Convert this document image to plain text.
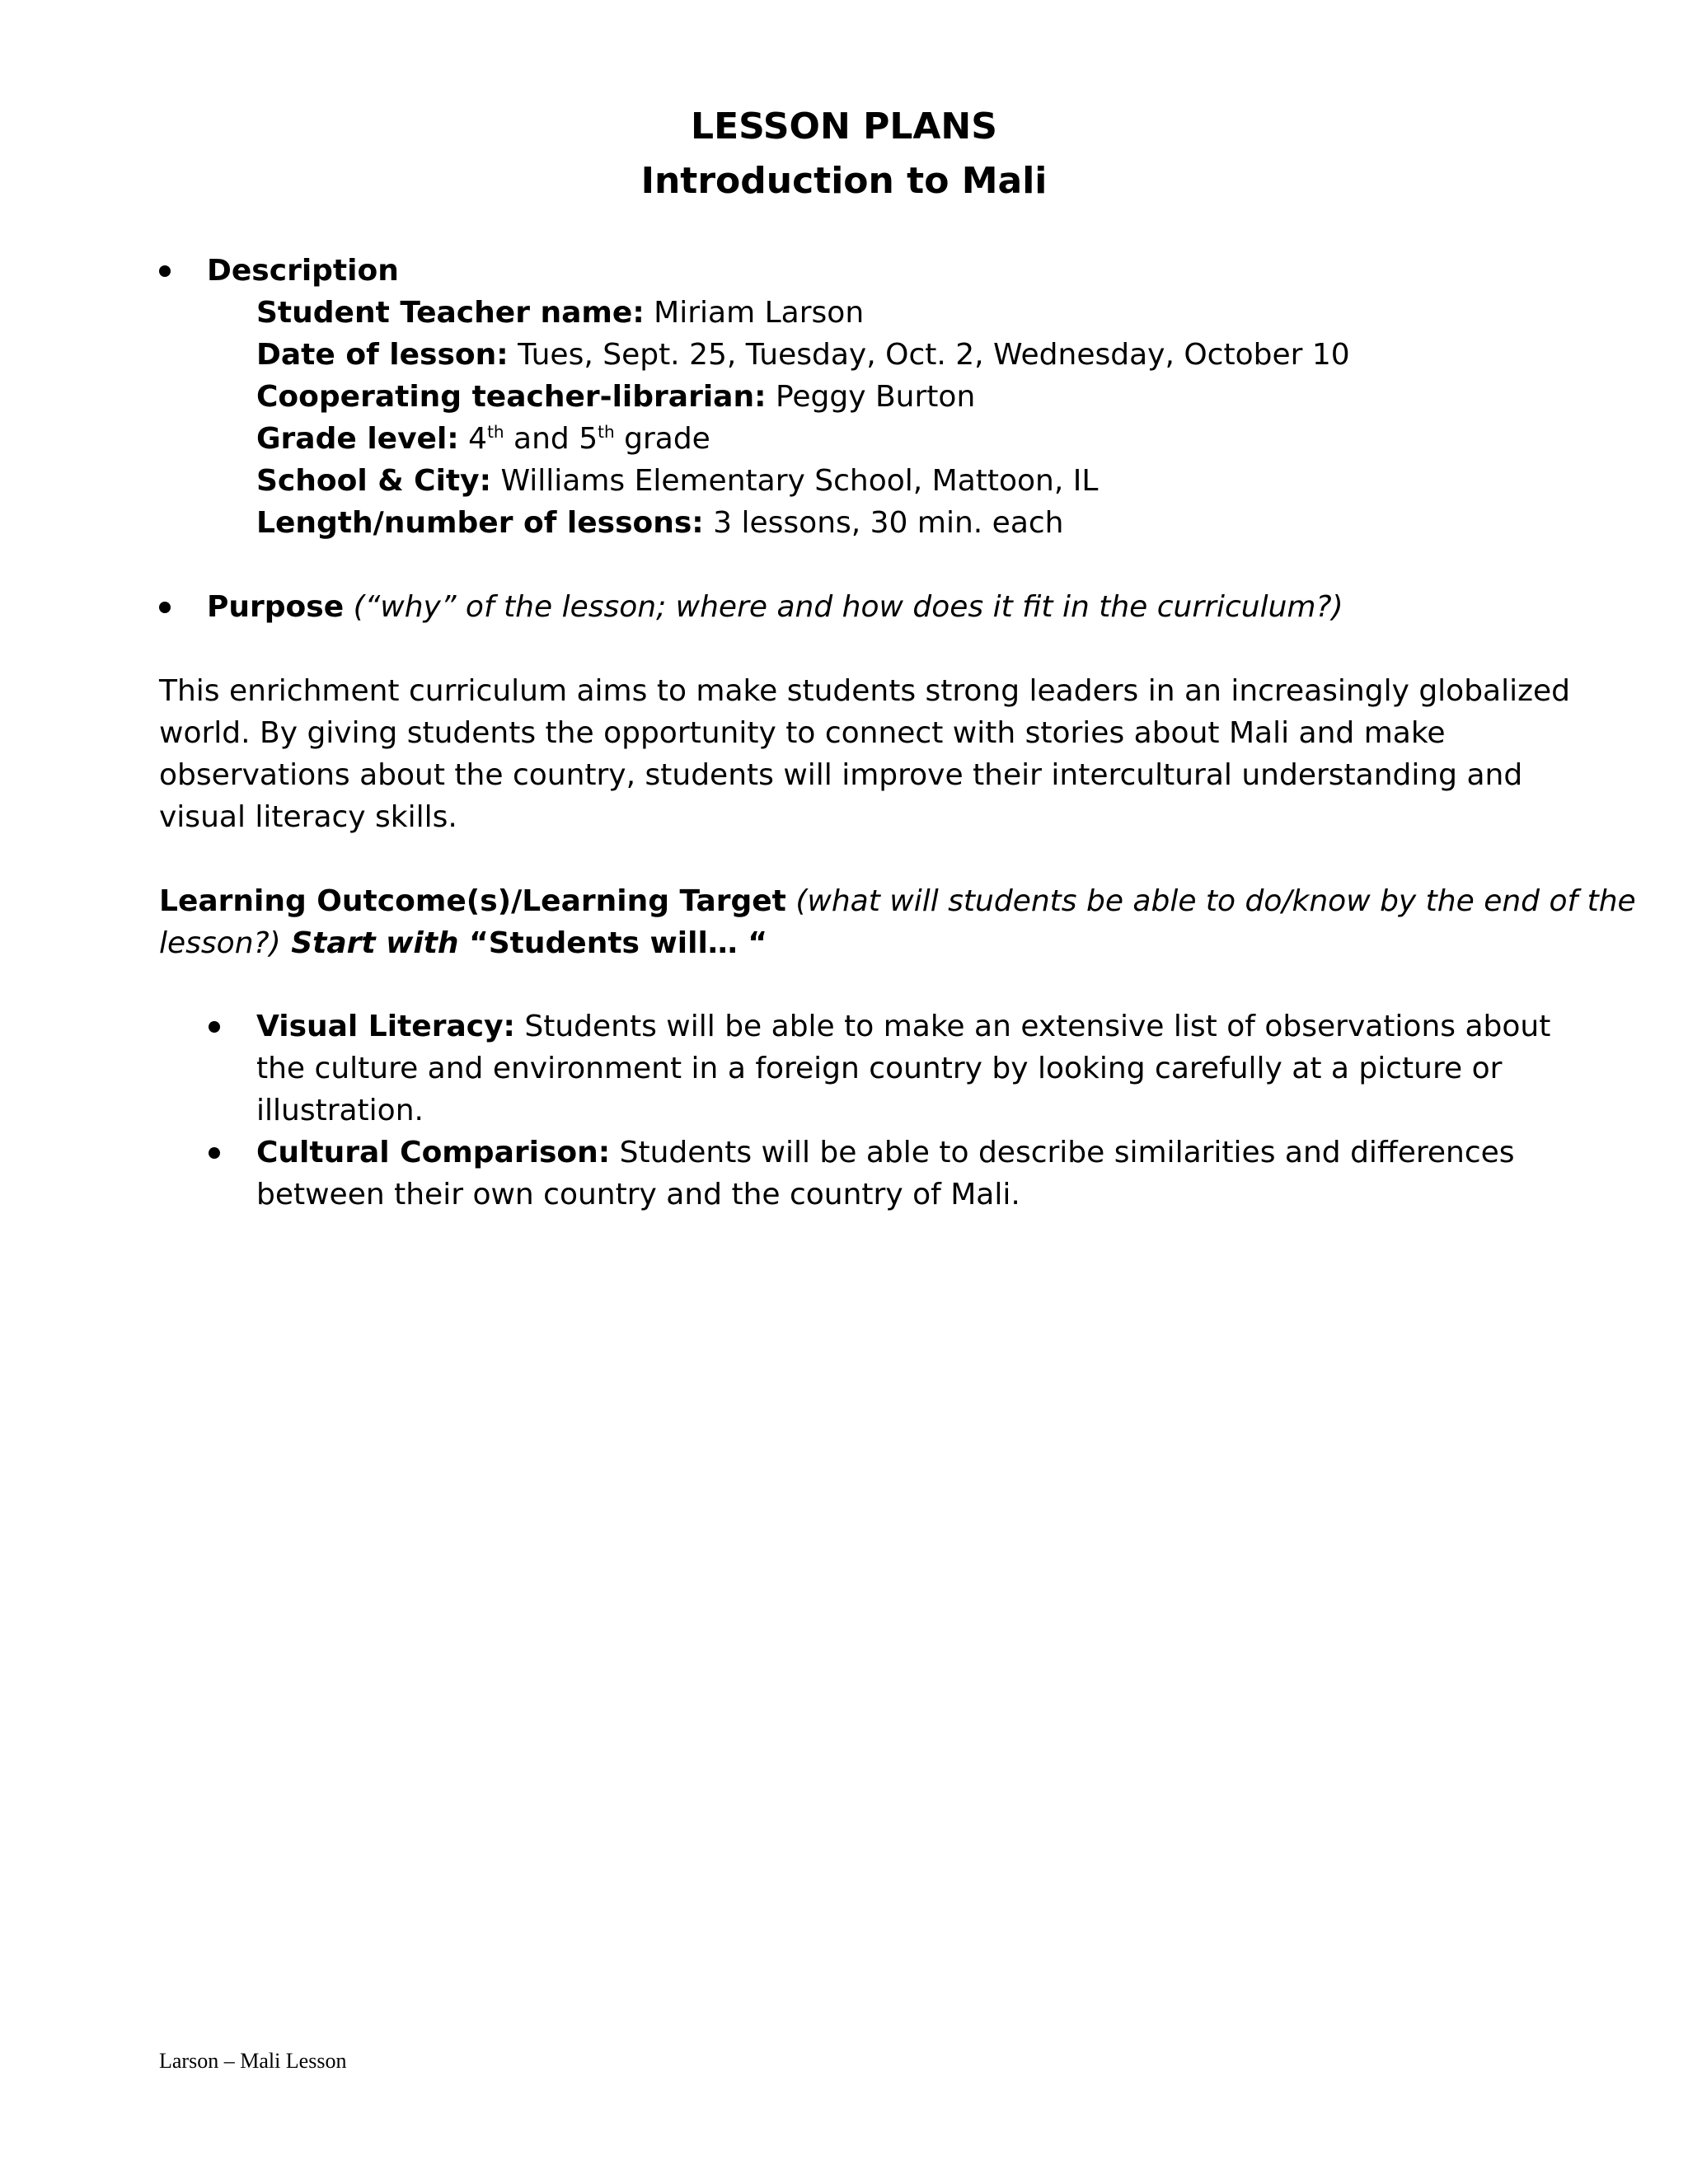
LESSON PLANS
Introduction to Mali
Description
Student Teacher name: Miriam Larson
Date of lesson: Tues, Sept. 25, Tuesday, Oct. 2, Wednesday, October 10
Cooperating teacher-librarian: Peggy Burton
Grade level: 4th and 5th grade
School & City: Williams Elementary School, Mattoon, IL
Length/number of lessons: 3 lessons, 30 min. each
Purpose (“why” of the lesson; where and how does it fit in the curriculum?)

This enrichment curriculum aims to make students strong leaders in an increasingly globalized
world. By giving students the opportunity to connect with stories about Mali and make
observations about the country, students will improve their intercultural understanding and
visual literacy skills.

Learning Outcome(s)/Learning Target (what will students be able to do/know by the end of the
lesson?) Start with “Students will… “
Visual Literacy: Students will be able to make an extensive list of observations about
the culture and environment in a foreign country by looking carefully at a picture or
illustration.
Cultural Comparison: Students will be able to describe similarities and differences
between their own country and the country of Mali.
Larson – Mali Lesson
